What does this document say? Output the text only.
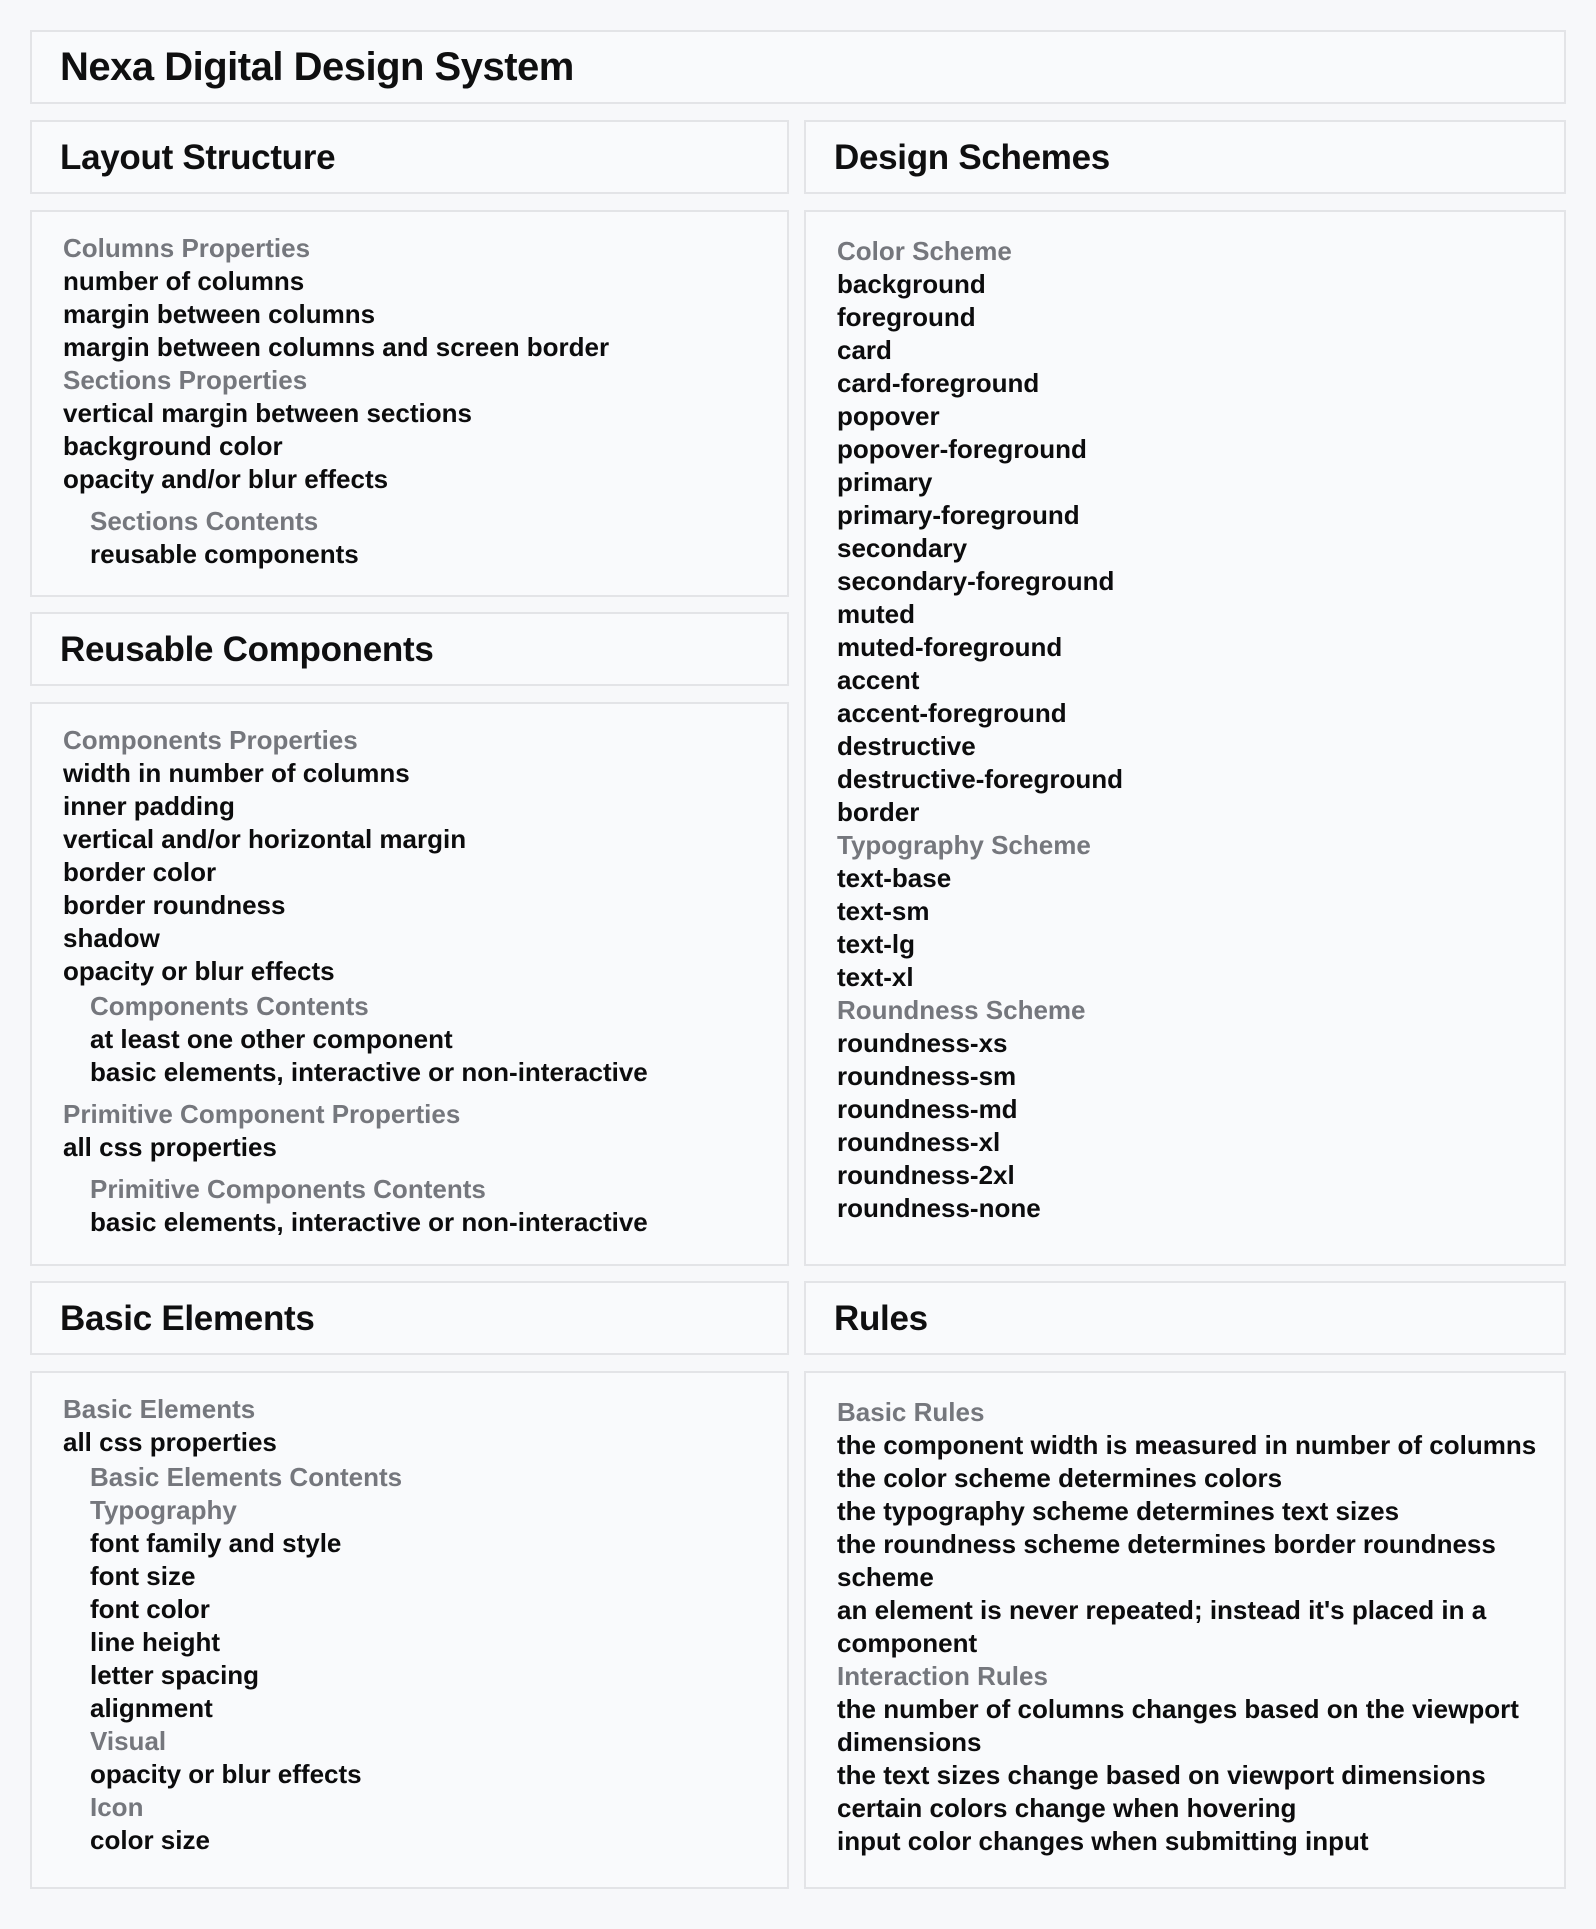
Nexa Digital Design System
Layout Structure
Columns Properties
number of columns
margin between columns
margin between columns and screen border
Sections Properties
vertical margin between sections
background color
opacity and/or blur effects
Sections Contents
reusable components
Reusable Components
Components Properties
width in number of columns
inner padding
vertical and/or horizontal margin
border color
border roundness
shadow
opacity or blur effects
Components Contents
at least one other component
basic elements, interactive or non-interactive
Primitive Component Properties
all css properties
Primitive Components Contents
basic elements, interactive or non-interactive
Basic Elements
Basic Elements
all css properties
Basic Elements Contents
Typography
font family and style
font size
font color
line height
letter spacing
alignment
Visual
opacity or blur effects
Icon
color size
Design Schemes
Color Scheme
background
foreground
card
card-foreground
popover
popover-foreground
primary
primary-foreground
secondary
secondary-foreground
muted
muted-foreground
accent
accent-foreground
destructive
destructive-foreground
border
Typography Scheme
text-base
text-sm
text-lg
text-xl
Roundness Scheme
roundness-xs
roundness-sm
roundness-md
roundness-xl
roundness-2xl
roundness-none
Rules
Basic Rules
the component width is measured in number of columns
the color scheme determines colors
the typography scheme determines text sizes
the roundness scheme determines border roundness scheme
an element is never repeated; instead it's placed in a component
Interaction Rules
the number of columns changes based on the viewport dimensions
the text sizes change based on viewport dimensions
certain colors change when hovering
input color changes when submitting input
